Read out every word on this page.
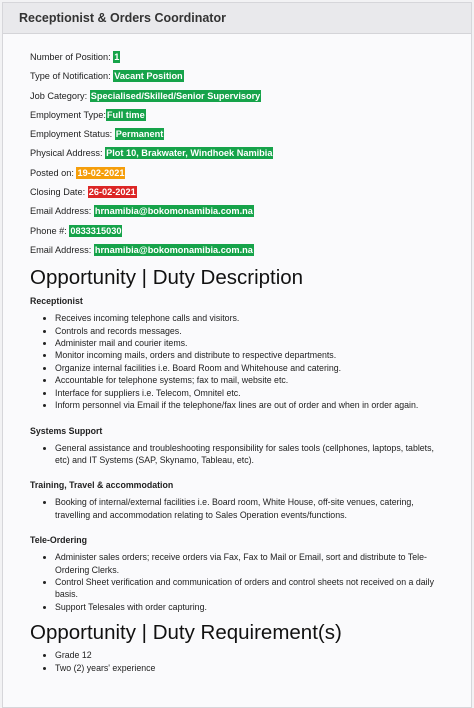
Receptionist & Orders Coordinator
Number of Position: 1
Type of Notification: Vacant Position
Job Category: Specialised/Skilled/Senior Supervisory
Employment Type:Full time
Employment Status: Permanent
Physical Address: Plot 10, Brakwater, Windhoek Namibia
Posted on: 19-02-2021
Closing Date: 26-02-2021
Email Address: hrnamibia@bokomonamibia.com.na
Phone #: 0833315030
Email Address: hrnamibia@bokomonamibia.com.na
Opportunity | Duty Description
Receptionist
• Receives incoming telephone calls and visitors.
• Controls and records messages.
• Administer mail and courier items.
• Monitor incoming mails, orders and distribute to respective departments.
• Organize internal facilities i.e. Board Room and Whitehouse and catering.
• Accountable for telephone systems; fax to mail, website etc.
• Interface for suppliers i.e. Telecom, Omnitel etc.
• Inform personnel via Email if the telephone/fax lines are out of order and when in order again.
Systems Support
• General assistance and troubleshooting responsibility for sales tools (cellphones, laptops, tablets, etc) and IT Systems (SAP, Skynamo, Tableau, etc).
Training, Travel & accommodation
• Booking of internal/external facilities i.e. Board room, White House, off-site venues, catering, travelling and accommodation relating to Sales Operation events/functions.
Tele-Ordering
• Administer sales orders; receive orders via Fax, Fax to Mail or Email, sort and distribute to Tele-Ordering Clerks.
• Control Sheet verification and communication of orders and control sheets not received on a daily basis.
• Support Telesales with order capturing.
Opportunity | Duty Requirement(s)
• Grade 12
• Two (2) years' experience
